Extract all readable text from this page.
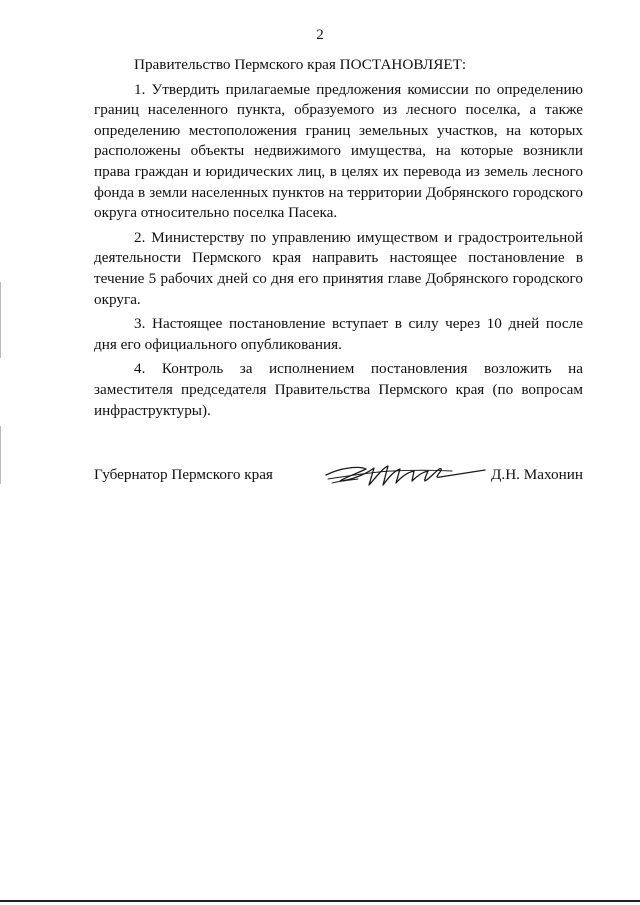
2

Правительство Пермского края ПОСТАНОВЛЯЕТ:

1. Утвердить прилагаемые предложения комиссии по определению границ населенного пункта, образуемого из лесного поселка, а также определению местоположения границ земельных участков, на которых расположены объекты недвижимого имущества, на которые возникли права граждан и юридических лиц, в целях их перевода из земель лесного фонда в земли населенных пунктов на территории Добрянского городского округа относительно поселка Пасека.

2. Министерству по управлению имуществом и градостроительной деятельности Пермского края направить настоящее постановление в течение 5 рабочих дней со дня его принятия главе Добрянского городского округа.

3. Настоящее постановление вступает в силу через 10 дней после дня его официального опубликования.

4. Контроль за исполнением постановления возложить на заместителя председателя Правительства Пермского края (по вопросам инфраструктуры).

Губернатор Пермского края	Д.Н. Махонин
